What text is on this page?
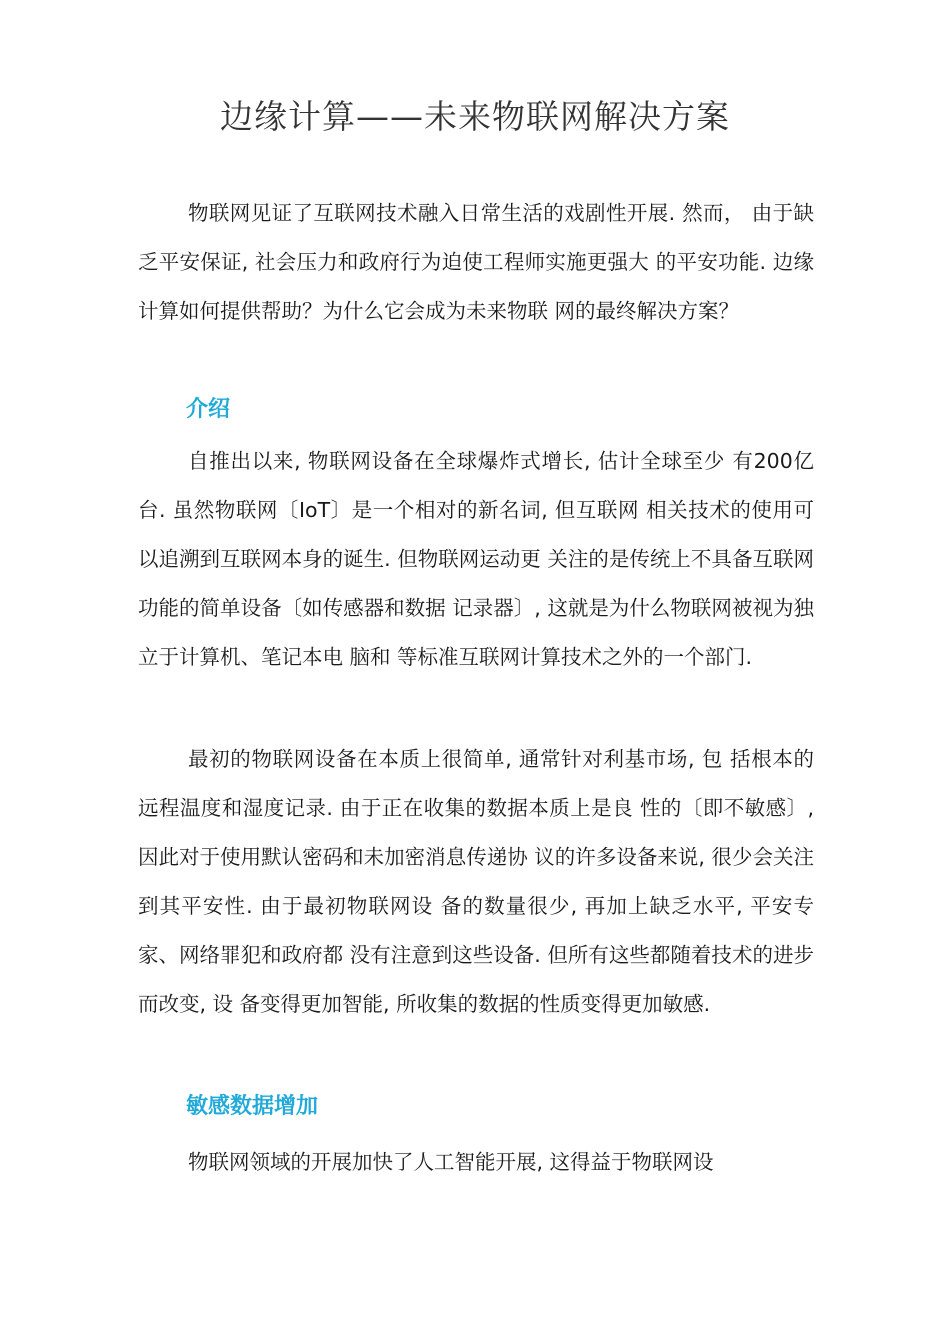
边缘计算——未来物联网解决方案
物联网见证了互联网技术融入日常生活的戏剧性开展. 然而， 由于缺乏平安保证, 社会压力和政府行为迫使工程师实施更强大 的平安功能. 边缘计算如何提供帮助？为什么它会成为未来物联 网的最终解决方案？
介绍
自推出以来, 物联网设备在全球爆炸式增长, 估计全球至少 有200亿台. 虽然物联网〔IoT〕是一个相对的新名词, 但互联网 相关技术的使用可以追溯到互联网本身的诞生. 但物联网运动更 关注的是传统上不具备互联网功能的简单设备〔如传感器和数据 记录器〕, 这就是为什么物联网被视为独立于计算机、笔记本电 脑和 等标准互联网计算技术之外的一个部门.
最初的物联网设备在本质上很简单, 通常针对利基市场, 包 括根本的远程温度和湿度记录. 由于正在收集的数据本质上是良 性的〔即不敏感〕, 因此对于使用默认密码和未加密消息传递协 议的许多设备来说, 很少会关注到其平安性. 由于最初物联网设 备的数量很少, 再加上缺乏水平, 平安专家、网络罪犯和政府都 没有注意到这些设备. 但所有这些都随着技术的进步而改变, 设 备变得更加智能, 所收集的数据的性质变得更加敏感.
敏感数据增加
物联网领域的开展加快了人工智能开展, 这得益于物联网设
